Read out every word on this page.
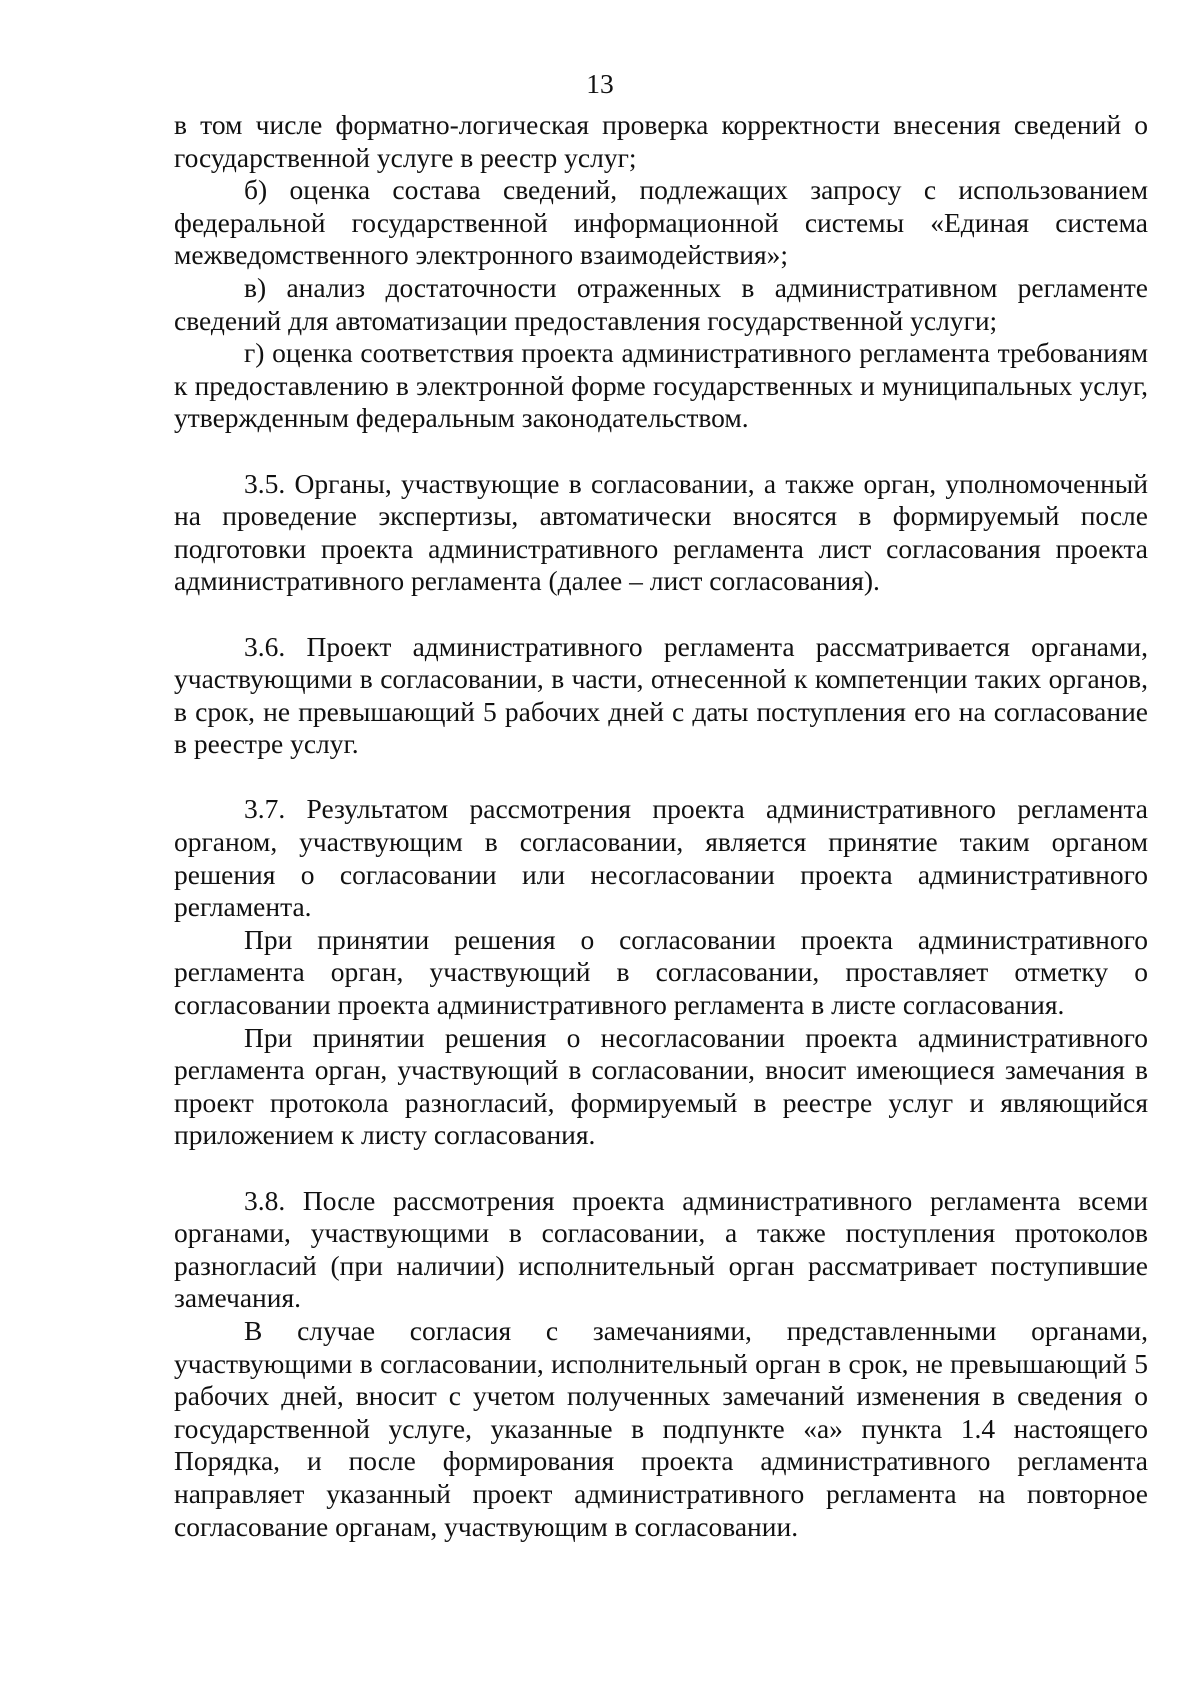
13

в том числе форматно-логическая проверка корректности внесения сведений о государственной услуге в реестр услуг;

б) оценка состава сведений, подлежащих запросу с использованием федеральной государственной информационной системы «Единая система межведомственного электронного взаимодействия»;

в) анализ достаточности отраженных в административном регламенте сведений для автоматизации предоставления государственной услуги;

г) оценка соответствия проекта административного регламента требованиям к предоставлению в электронной форме государственных и муниципальных услуг, утвержденным федеральным законодательством.

3.5. Органы, участвующие в согласовании, а также орган, уполномоченный на проведение экспертизы, автоматически вносятся в формируемый после подготовки проекта административного регламента лист согласования проекта административного регламента (далее – лист согласования).

3.6. Проект административного регламента рассматривается органами, участвующими в согласовании, в части, отнесенной к компетенции таких органов, в срок, не превышающий 5 рабочих дней с даты поступления его на согласование в реестре услуг.

3.7. Результатом рассмотрения проекта административного регламента органом, участвующим в согласовании, является принятие таким органом решения о согласовании или несогласовании проекта административного регламента.

При принятии решения о согласовании проекта административного регламента орган, участвующий в согласовании, проставляет отметку о согласовании проекта административного регламента в листе согласования.

При принятии решения о несогласовании проекта административного регламента орган, участвующий в согласовании, вносит имеющиеся замечания в проект протокола разногласий, формируемый в реестре услуг и являющийся приложением к листу согласования.

3.8. После рассмотрения проекта административного регламента всеми органами, участвующими в согласовании, а также поступления протоколов разногласий (при наличии) исполнительный орган рассматривает поступившие замечания.

В случае согласия с замечаниями, представленными органами, участвующими в согласовании, исполнительный орган в срок, не превышающий 5 рабочих дней, вносит с учетом полученных замечаний изменения в сведения о государственной услуге, указанные в подпункте «а» пункта 1.4 настоящего Порядка, и после формирования проекта административного регламента направляет указанный проект административного регламента на повторное согласование органам, участвующим в согласовании.
